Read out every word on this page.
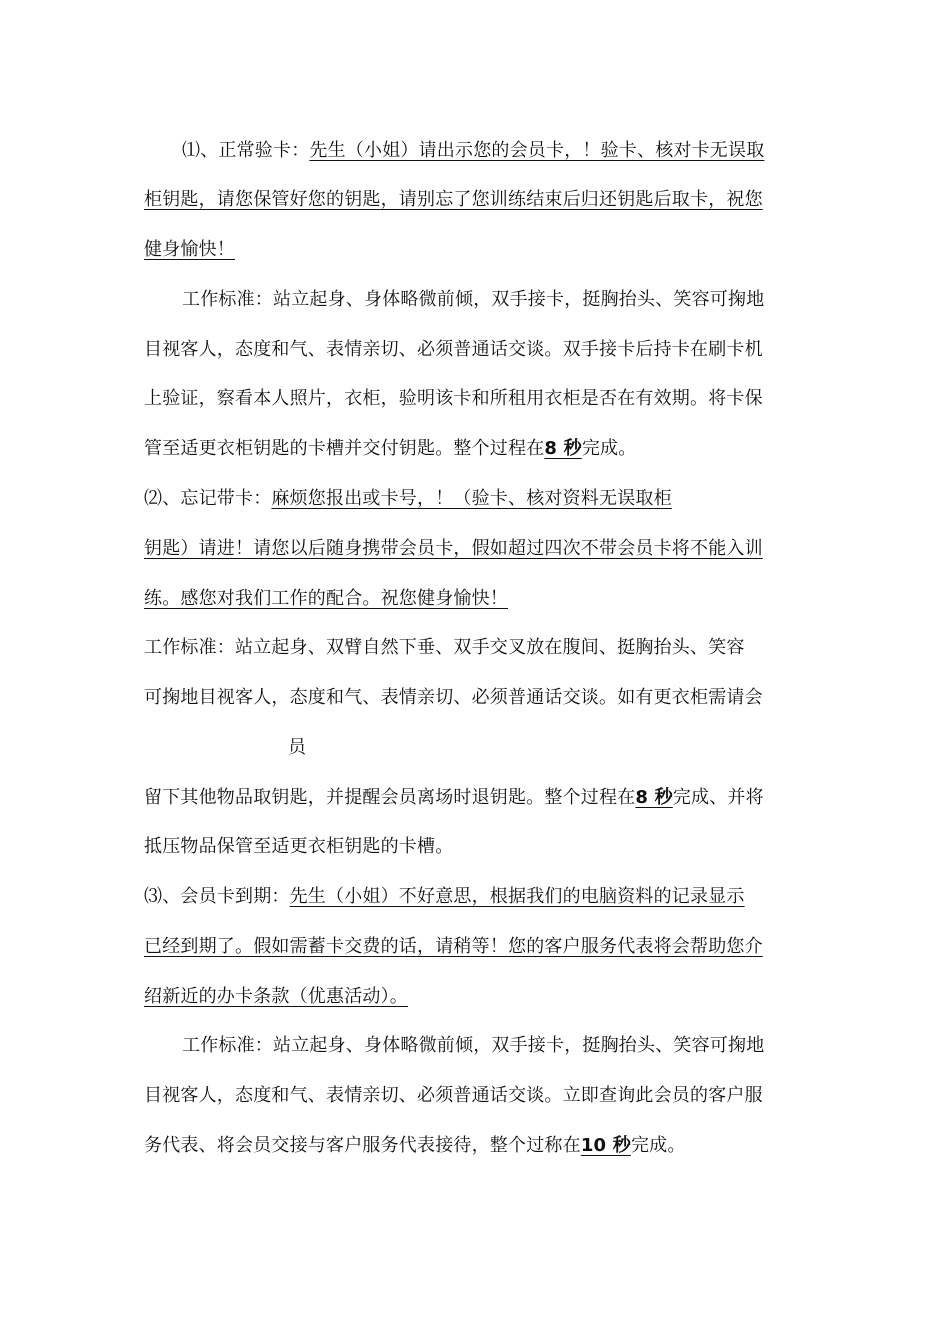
⑴、正常验卡：先生（小姐）请出示您的会员卡，！验卡、核对卡无误取
柜钥匙，请您保管好您的钥匙，请别忘了您训练结束后归还钥匙后取卡，祝您
健身愉快！
工作标准：站立起身、身体略微前倾，双手接卡，挺胸抬头、笑容可掬地
目视客人，态度和气、表情亲切、必须普通话交谈。双手接卡后持卡在刷卡机
上验证，察看本人照片，衣柜，验明该卡和所租用衣柜是否在有效期。将卡保
管至适更衣柜钥匙的卡槽并交付钥匙。整个过程在8 秒完成。
⑵、忘记带卡：麻烦您报出或卡号，！（验卡、核对资料无误取柜
钥匙）请进！请您以后随身携带会员卡，假如超过四次不带会员卡将不能入训
练。感您对我们工作的配合。祝您健身愉快！
工作标准：站立起身、双臂自然下垂、双手交叉放在腹间、挺胸抬头、笑容
可掬地目视客人，态度和气、表情亲切、必须普通话交谈。如有更衣柜需请会
员
留下其他物品取钥匙，并提醒会员离场时退钥匙。整个过程在8 秒完成、并将
抵压物品保管至适更衣柜钥匙的卡槽。
⑶、会员卡到期：先生（小姐）不好意思，根据我们的电脑资料的记录显示
已经到期了。假如需蓄卡交费的话，请稍等！您的客户服务代表将会帮助您介
绍新近的办卡条款（优惠活动）。
工作标准：站立起身、身体略微前倾，双手接卡，挺胸抬头、笑容可掬地
目视客人，态度和气、表情亲切、必须普通话交谈。立即查询此会员的客户服
务代表、将会员交接与客户服务代表接待，整个过称在10 秒完成。
